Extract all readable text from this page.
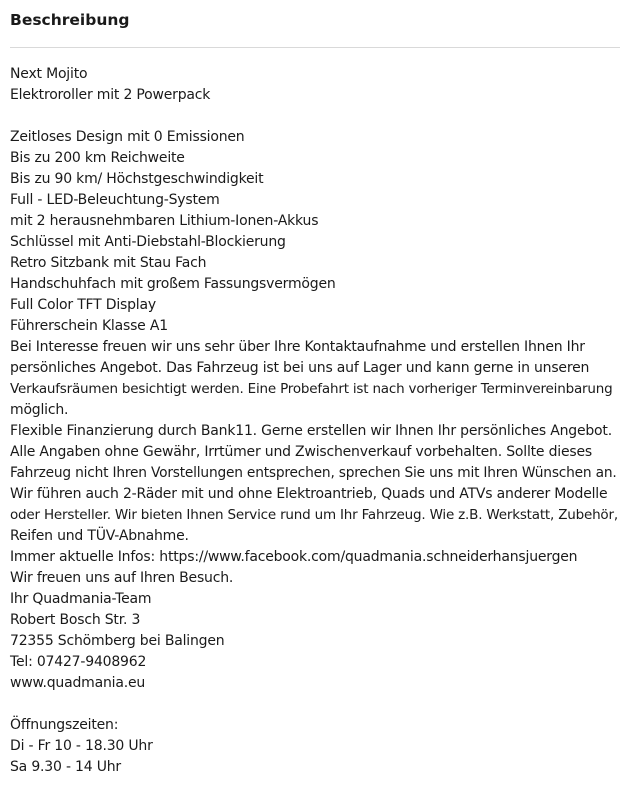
Beschreibung
Next Mojito
Elektroroller mit 2 Powerpack
Zeitloses Design mit 0 Emissionen
Bis zu 200 km Reichweite
Bis zu 90 km/ Höchstgeschwindigkeit
Full - LED-Beleuchtung-System
mit 2 herausnehmbaren Lithium-Ionen-Akkus
Schlüssel mit Anti-Diebstahl-Blockierung
Retro Sitzbank mit Stau Fach
Handschuhfach mit großem Fassungsvermögen
Full Color TFT Display
Führerschein Klasse A1
Bei Interesse freuen wir uns sehr über Ihre Kontaktaufnahme und erstellen Ihnen Ihr
persönliches Angebot. Das Fahrzeug ist bei uns auf Lager und kann gerne in unseren
Verkaufsräumen besichtigt werden. Eine Probefahrt ist nach vorheriger Terminvereinbarung
möglich.
Flexible Finanzierung durch Bank11. Gerne erstellen wir Ihnen Ihr persönliches Angebot.
Alle Angaben ohne Gewähr, Irrtümer und Zwischenverkauf vorbehalten. Sollte dieses
Fahrzeug nicht Ihren Vorstellungen entsprechen, sprechen Sie uns mit Ihren Wünschen an.
Wir führen auch 2-Räder mit und ohne Elektroantrieb, Quads und ATVs anderer Modelle
oder Hersteller. Wir bieten Ihnen Service rund um Ihr Fahrzeug. Wie z.B. Werkstatt, Zubehör,
Reifen und TÜV-Abnahme.
Immer aktuelle Infos: https://www.facebook.com/quadmania.schneiderhansjuergen
Wir freuen uns auf Ihren Besuch.
Ihr Quadmania-Team
Robert Bosch Str. 3
72355 Schömberg bei Balingen
Tel: 07427-9408962
www.quadmania.eu
Öffnungszeiten:
Di - Fr 10 - 18.30 Uhr
Sa 9.30 - 14 Uhr
